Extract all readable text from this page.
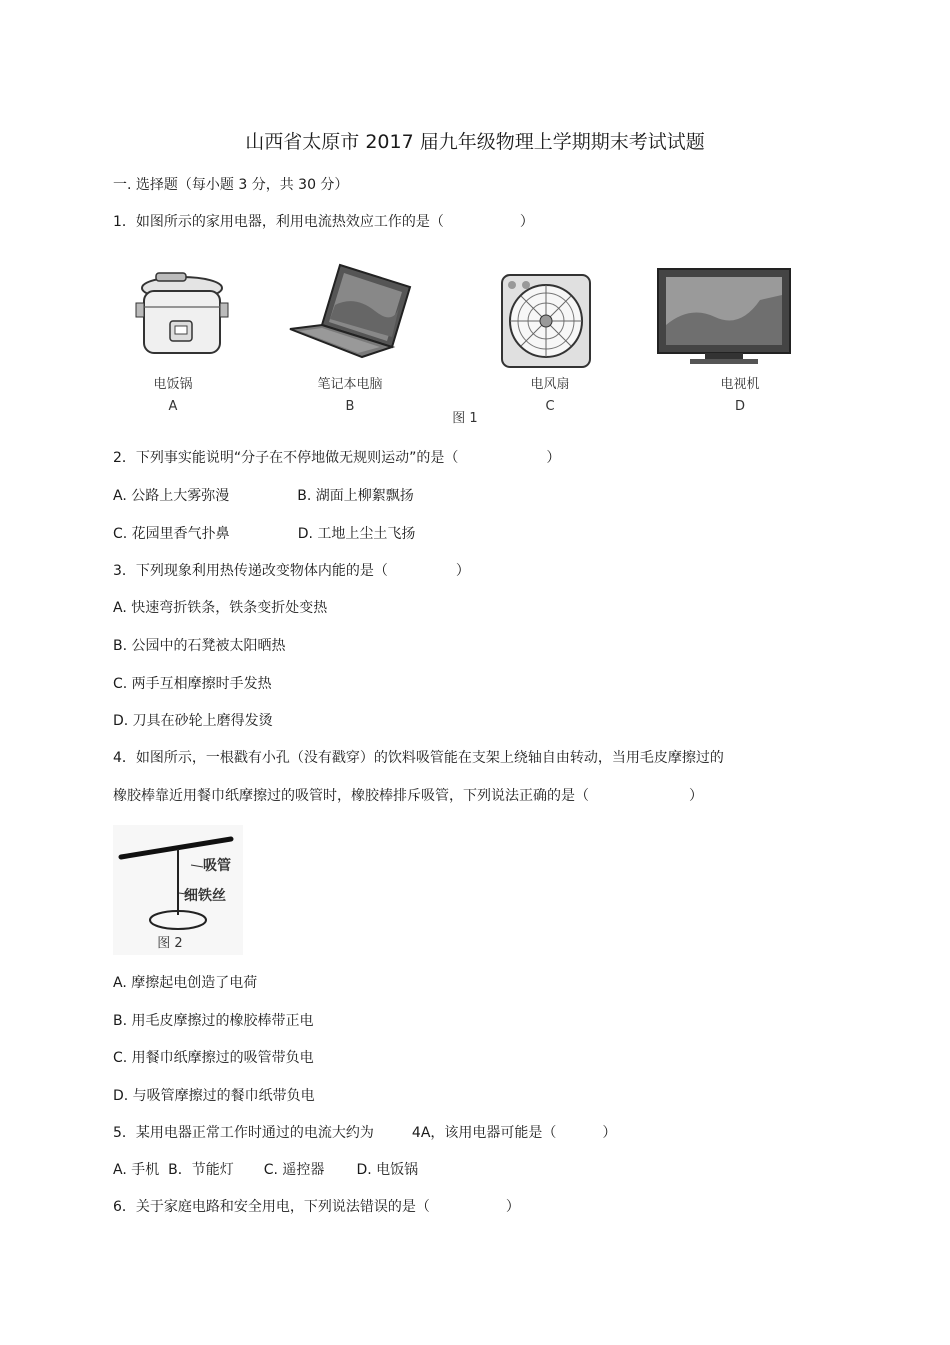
山西省太原市 2017 届九年级物理上学期期末考试试题
一. 选择题（每小题 3 分，共 30 分）
1．如图所示的家用电器，利用电流热效应工作的是（	）
电饭锅
A
笔记本电脑
B
电风扇
C
电视机
D
图 1
2．下列事实能说明“分子在不停地做无规则运动”的是（	）
A. 公路上大雾弥漫	B. 湖面上柳絮飘扬
C. 花园里香气扑鼻	D. 工地上尘土飞扬
3．下列现象利用热传递改变物体内能的是（	）
A. 快速弯折铁条，铁条变折处变热
B. 公园中的石凳被太阳晒热
C. 两手互相摩擦时手发热
D. 刀具在砂轮上磨得发烫
4．如图所示，一根戳有小孔（没有戳穿）的饮料吸管能在支架上绕轴自由转动，当用毛皮摩擦过的
橡胶棒靠近用餐巾纸摩擦过的吸管时，橡胶棒排斥吸管，下列说法正确的是（	）
吸管
细铁丝
图 2
A. 摩擦起电创造了电荷
B. 用毛皮摩擦过的橡胶棒带正电
C. 用餐巾纸摩擦过的吸管带负电
D. 与吸管摩擦过的餐巾纸带负电
5．某用电器正常工作时通过的电流大约为	4A，该用电器可能是（	）
A. 手机 B．节能灯 C. 遥控器 D. 电饭锅
6．关于家庭电路和安全用电，下列说法错误的是（	）
